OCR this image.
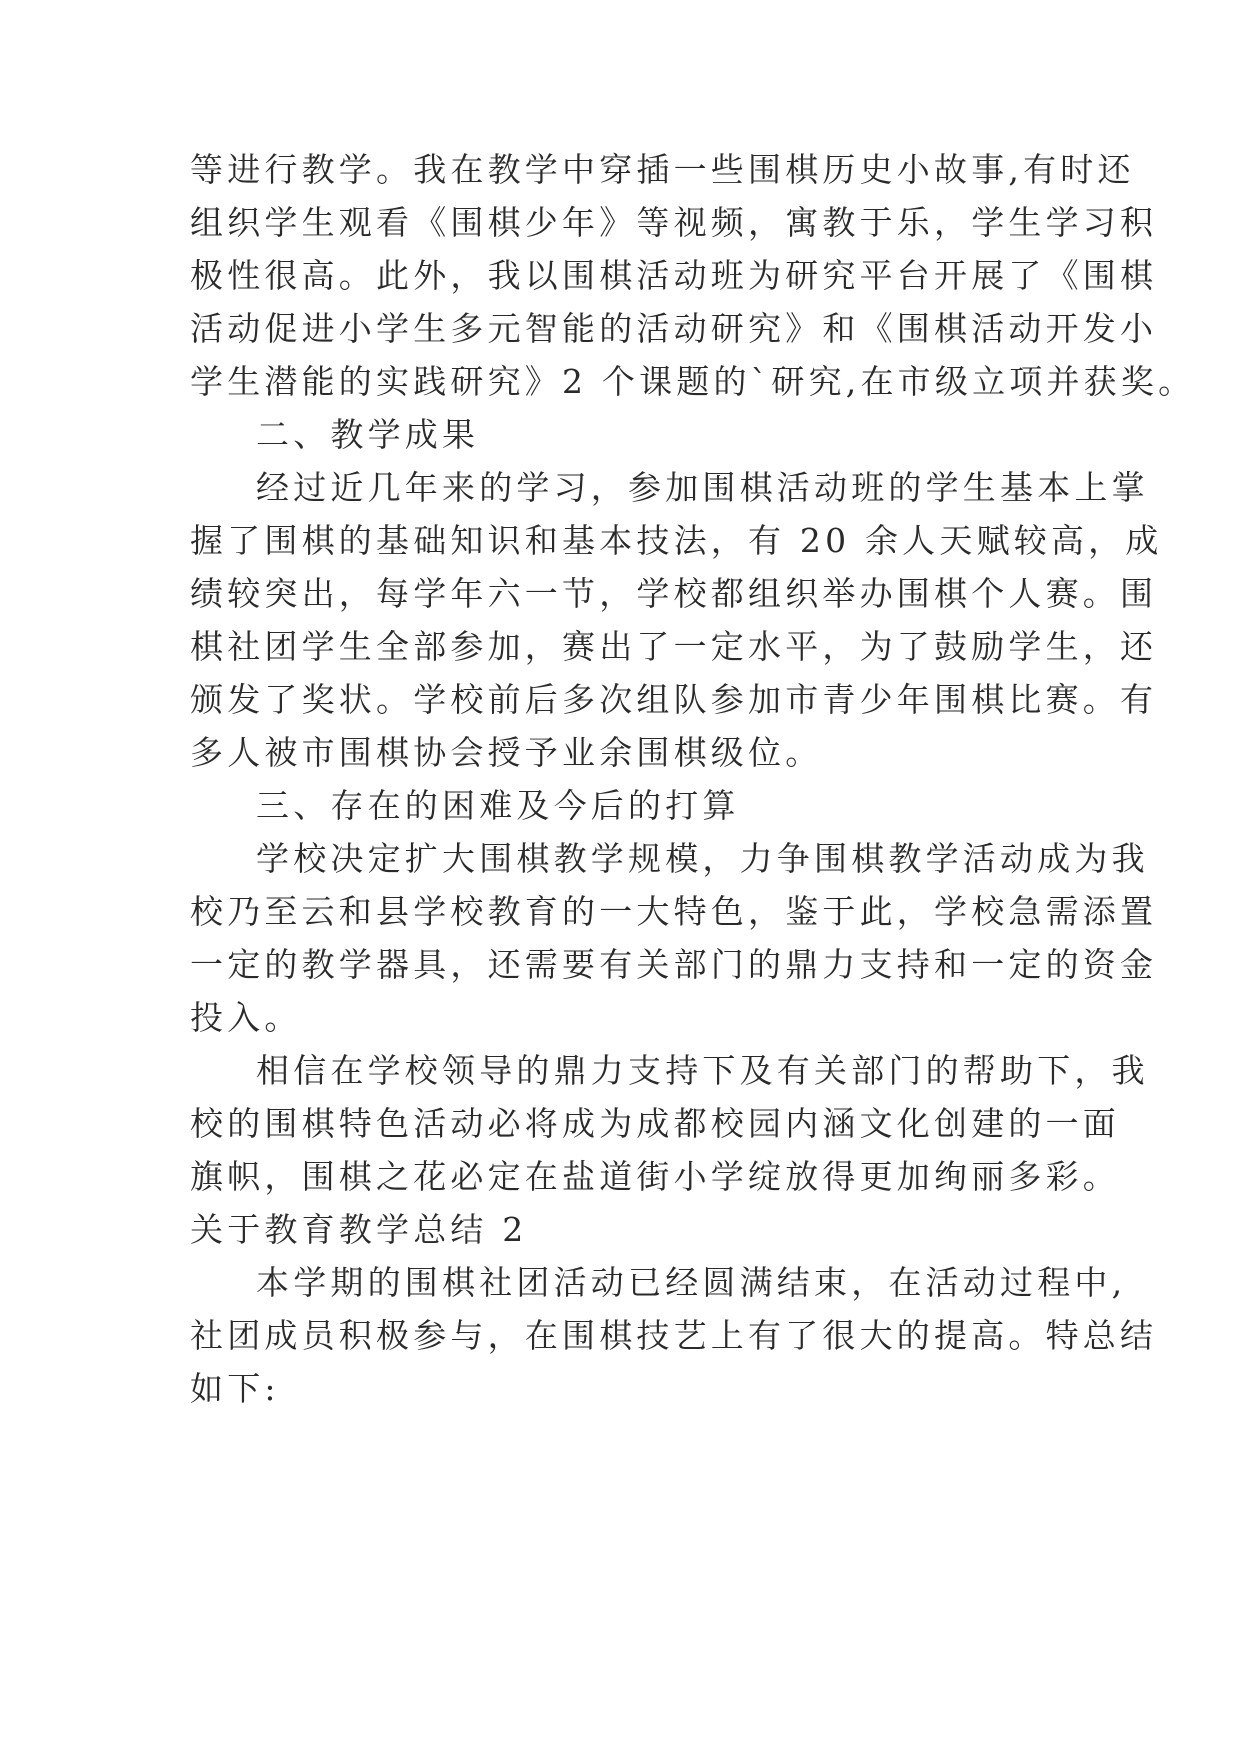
等进行教学。我在教学中穿插一些围棋历史小故事,有时还
组织学生观看《围棋少年》等视频，寓教于乐，学生学习积
极性很高。此外，我以围棋活动班为研究平台开展了《围棋
活动促进小学生多元智能的活动研究》和《围棋活动开发小
学生潜能的实践研究》2 个课题的`研究,在市级立项并获奖。
二、教学成果
经过近几年来的学习，参加围棋活动班的学生基本上掌
握了围棋的基础知识和基本技法，有 20 余人天赋较高，成
绩较突出，每学年六一节，学校都组织举办围棋个人赛。围
棋社团学生全部参加，赛出了一定水平，为了鼓励学生，还
颁发了奖状。学校前后多次组队参加市青少年围棋比赛。有
多人被市围棋协会授予业余围棋级位。
三、存在的困难及今后的打算
学校决定扩大围棋教学规模，力争围棋教学活动成为我
校乃至云和县学校教育的一大特色，鉴于此，学校急需添置
一定的教学器具，还需要有关部门的鼎力支持和一定的资金
投入。
相信在学校领导的鼎力支持下及有关部门的帮助下，我
校的围棋特色活动必将成为成都校园内涵文化创建的一面
旗帜，围棋之花必定在盐道街小学绽放得更加绚丽多彩。
关于教育教学总结 2
本学期的围棋社团活动已经圆满结束，在活动过程中,
社团成员积极参与，在围棋技艺上有了很大的提高。特总结
如下:
